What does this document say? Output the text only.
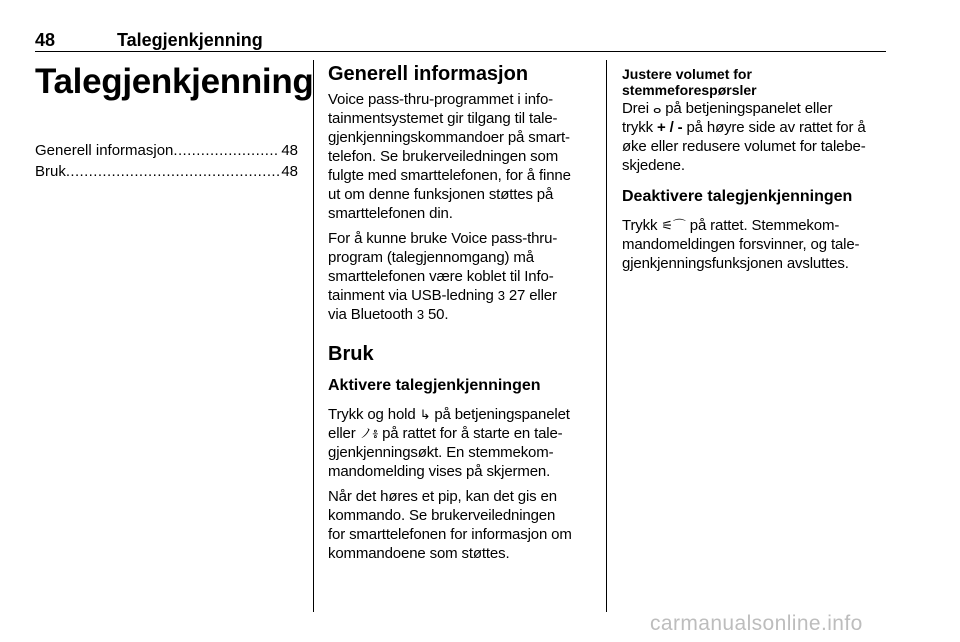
48	Talegjenkjenning
Talegjenkjenning
Generell informasjon .....	48
Bruk .....	48
Generell informasjon

Voice pass-thru-programmet i info-
tainmentsystemet gir tilgang til tale-
gjenkjenningskommandoer på smart-
telefon. Se brukerveiledningen som
fulgte med smarttelefonen, for å finne
ut om denne funksjonen støttes på
smarttelefonen din.

For å kunne bruke Voice pass-thru-
program (talegjennomgang) må
smarttelefonen være koblet til Info-
tainment via USB-ledning 3 27 eller
via Bluetooth 3 50.

Bruk
Aktivere talegjenkjenningen

Trykk og hold ↳ på betjeningspanelet
eller ノ៖ på rattet for å starte en tale-
gjenkjenningsøkt. En stemmekom-
mandomelding vises på skjermen.

Når det høres et pip, kan det gis en
kommando. Se brukerveiledningen
for smarttelefonen for informasjon om
kommandoene som støttes.

Justere volumet for
stemmeforespørsler

Drei ⴰ på betjeningspanelet eller
trykk + / - på høyre side av rattet for å
øke eller redusere volumet for talebe-
skjedene.

Deaktivere talegjenkjenningen

Trykk ⚟⌒ på rattet. Stemmekom-
mandomeldingen forsvinner, og tale-
gjenkjenningsfunksjonen avsluttes.

carmanualsonline.info
